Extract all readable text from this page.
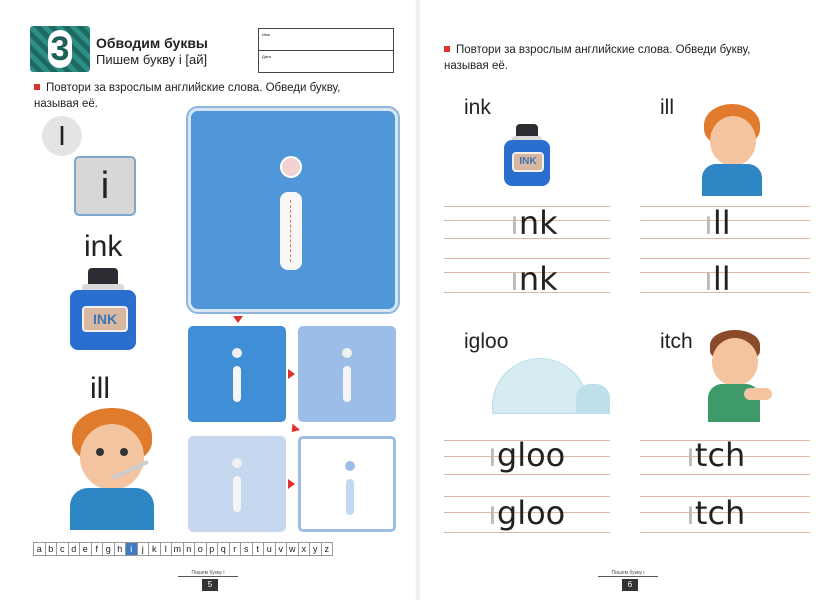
3 Обводим буквы
Пишем букву i [ай]
Имя
Дата
Повтори за взрослым английские слова. Обведи букву, называя её.
I
i
ink
INK
ill
a b c d e f g h i	j k l m n o p q r s t u v w x y z
Пишем букву i
5
Повтори за взрослым английские слова. Обведи букву, называя её.
ink
INK
ill
ınk
ınk
ıll
ıll
igloo
ıgloo
ıgloo
itch
ıtch
ıtch
Пишем букву i
6
